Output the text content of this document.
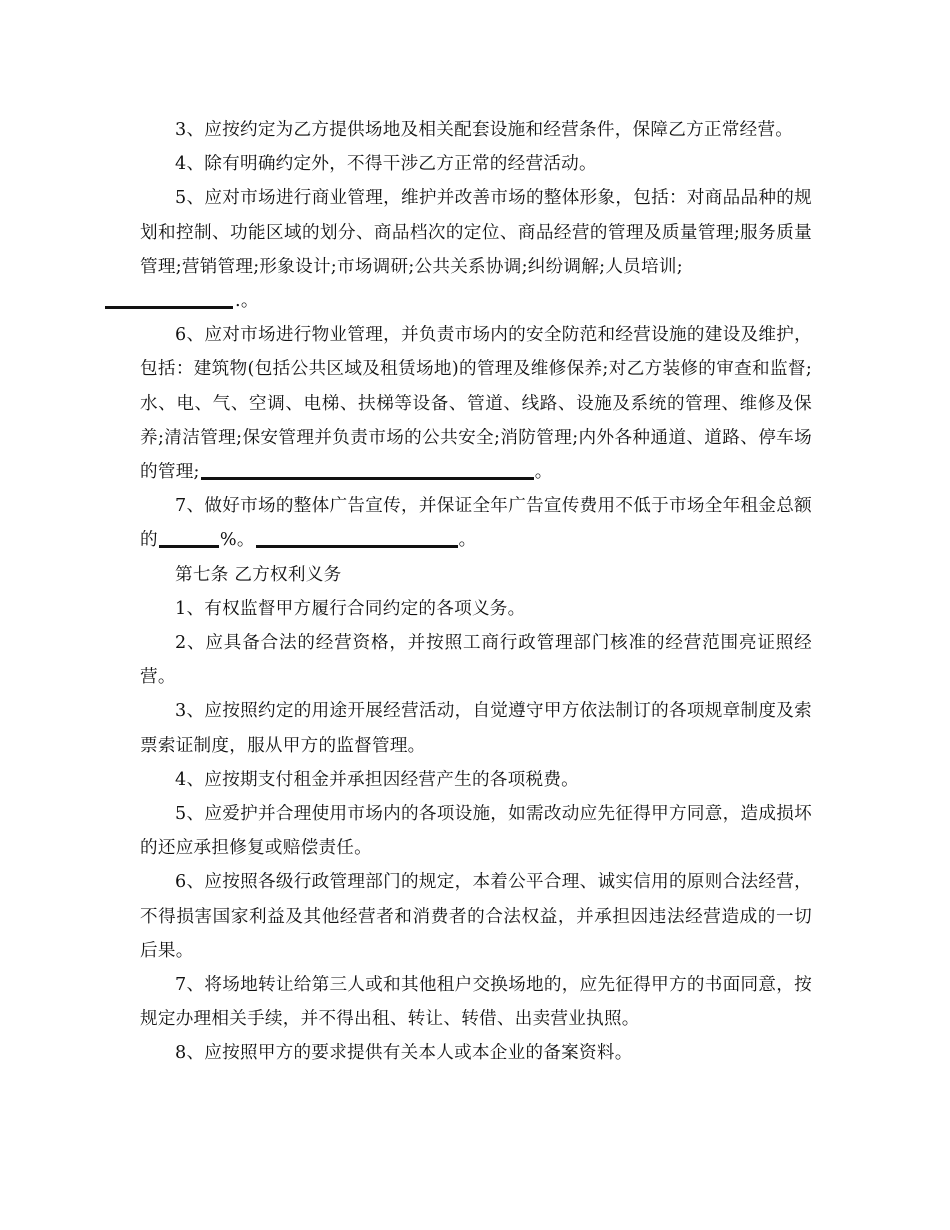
3、应按约定为乙方提供场地及相关配套设施和经营条件，保障乙方正常经营。

4、除有明确约定外，不得干涉乙方正常的经营活动。

5、应对市场进行商业管理，维护并改善市场的整体形象，包括：对商品品种的规划和控制、功能区域的划分、商品档次的定位、商品经营的管理及质量管理;服务质量管理;营销管理;形象设计;市场调研;公共关系协调;纠纷调解;人员培训;
.。

6、应对市场进行物业管理，并负责市场内的安全防范和经营设施的建设及维护，包括：建筑物(包括公共区域及租赁场地)的管理及维修保养;对乙方装修的审查和监督;水、电、气、空调、电梯、扶梯等设备、管道、线路、设施及系统的管理、维修及保养;清洁管理;保安管理并负责市场的公共安全;消防管理;内外各种通道、道路、停车场的管理;	。

7、做好市场的整体广告宣传，并保证全年广告宣传费用不低于市场全年租金总额的	%。	。

第七条 乙方权利义务

1、有权监督甲方履行合同约定的各项义务。

2、应具备合法的经营资格，并按照工商行政管理部门核准的经营范围亮证照经营。

3、应按照约定的用途开展经营活动，自觉遵守甲方依法制订的各项规章制度及索票索证制度，服从甲方的监督管理。

4、应按期支付租金并承担因经营产生的各项税费。

5、应爱护并合理使用市场内的各项设施，如需改动应先征得甲方同意，造成损坏的还应承担修复或赔偿责任。

6、应按照各级行政管理部门的规定，本着公平合理、诚实信用的原则合法经营，不得损害国家利益及其他经营者和消费者的合法权益，并承担因违法经营造成的一切后果。

7、将场地转让给第三人或和其他租户交换场地的，应先征得甲方的书面同意，按规定办理相关手续，并不得出租、转让、转借、出卖营业执照。

8、应按照甲方的要求提供有关本人或本企业的备案资料。
